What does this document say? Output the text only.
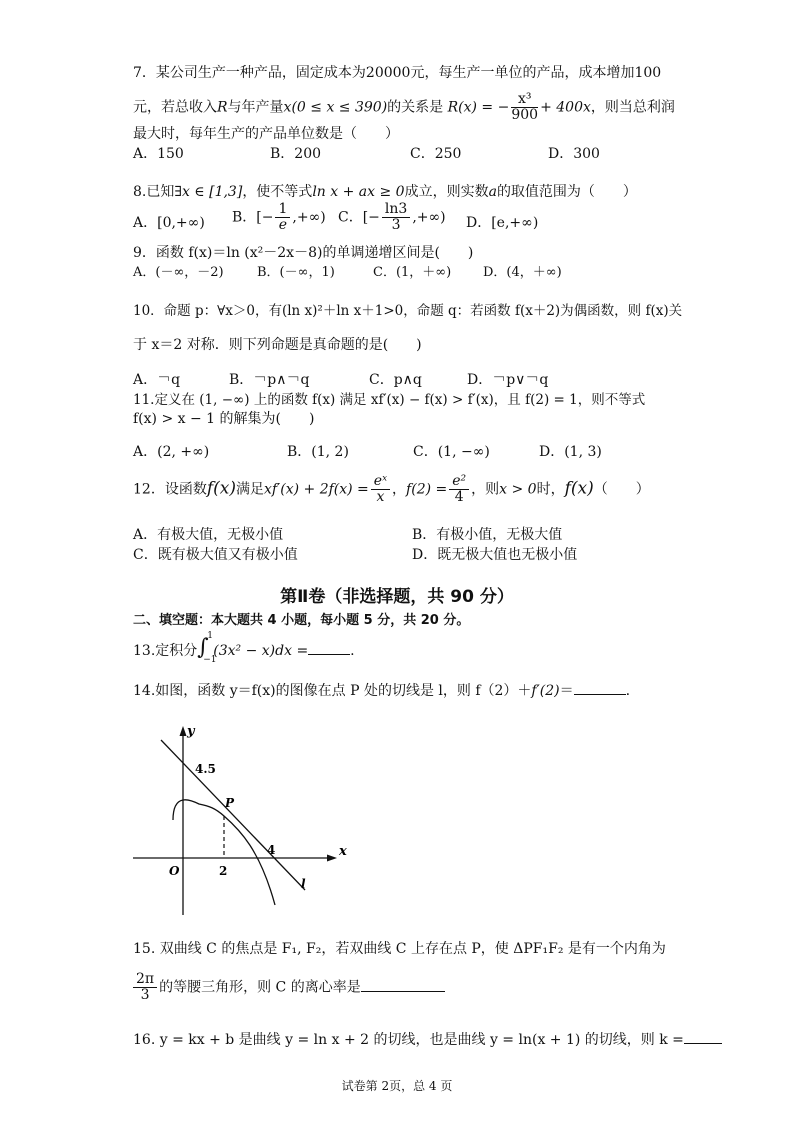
7．某公司生产一种产品，固定成本为20000元，每生产一单位的产品，成本增加100
元，若总收入R与年产量x(0 ≤ x ≤ 390)的关系是 R(x) = − $\frac{\text{x³}}{900} + 400x$，则当总利润
最大时，每年生产的产品单位数是（　　）
A．150	B．200	C．250	D．300
8.已知∃x ∈ [1,3]，使不等式ln x + ax ≥ 0成立，则实数a的取值范围为（　　）
A．[0,+∞) B．[− $\frac{1}{e}$ ,+∞) C．[− $\frac{\ln 3}{3}$ ,+∞) D．[e,+∞)
9．函数 f(x)＝ln (x²－2x－8)的单调递增区间是(　　)
A．(－∞，－2)	B．(－∞，1)	C．(1，＋∞) D．(4，＋∞)
10．命题 p：∀x＞0，有(ln x)²＋ln x＋1>0，命题 q：若函数 f(x＋2)为偶函数，则 f(x)关
于 x＝2 对称．则下列命题是真命题的是(　　)
A．￢q	B．￢p∧￢q	C．p∧q	D．￢p∨￢q
11.定义在 (1, −∞) 上的函数 f(x) 满足 xf′(x) − f(x) > f′(x)，且 f(2) = 1，则不等式
f(x) > x − 1 的解集为(　　)
A．(2, +∞)	B．(1, 2)	C．(1, −∞)	D．(1, 3)
12．设函数f(x)满足$xf'(x) + 2f(x) = \frac{\text{eˣ}}{x}$ ，$f(2) = \frac{\text{e²}}{4}$ ，则x > 0时，f(x)（　　）
A．有极大值，无极小值	B．有极小值，无极大值
C．既有极大值又有极小值	D．既无极大值也无极小值
第Ⅱ卷（非选择题，共 90 分）
二、填空题：本大题共 4 小题，每小题 5 分，共 20 分。
13.定积分 ∫
1
−1
(3x² − x)dx =	.
14.如图，函数 y＝f(x)的图像在点 P 处的切线是 l，则 f（2）＋f′(2)＝	.
y
x
O
4.5
2
4
P
l
15. 双曲线 C 的焦点是 F₁, F₂，若双曲线 C 上存在点 P，使 ΔPF₁F₂ 是有一个内角为
$\frac{2\pi}{3}$ 的等腰三角形，则 C 的离心率是
16. y = kx + b 是曲线 y = ln x + 2 的切线，也是曲线 y = ln(x + 1) 的切线，则 k =
试卷第 2页，总 4 页
